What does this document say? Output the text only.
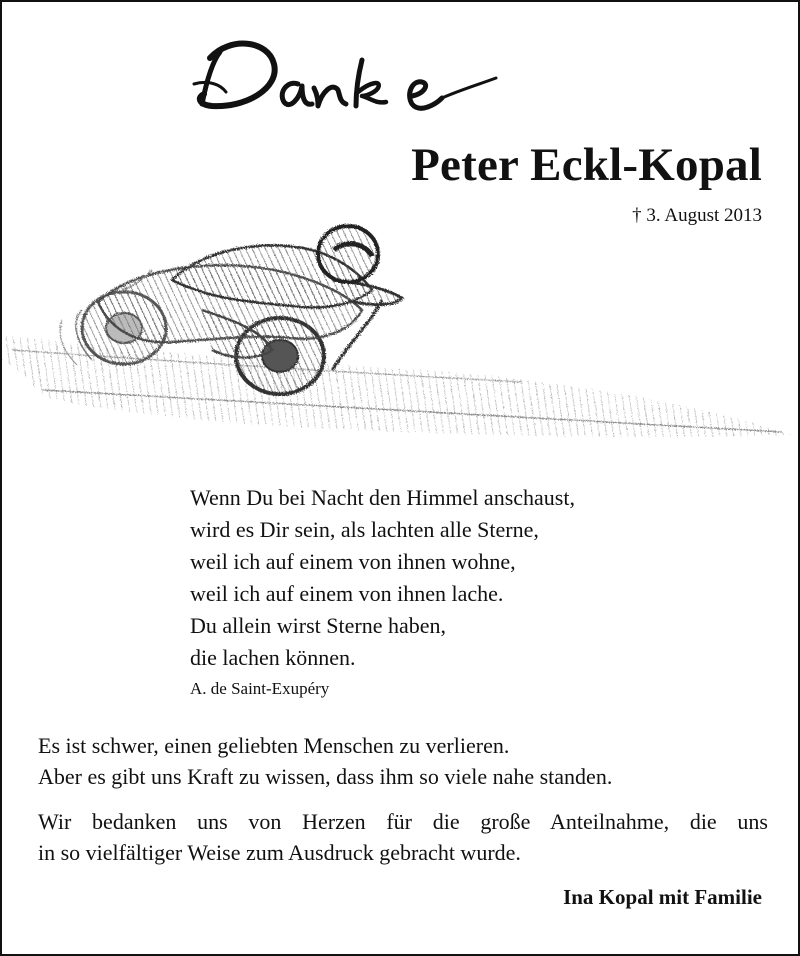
Peter Eckl-Kopal
† 3. August 2013
Wenn Du bei Nacht den Himmel anschaust,
wird es Dir sein, als lachten alle Sterne,
weil ich auf einem von ihnen wohne,
weil ich auf einem von ihnen lache.
Du allein wirst Sterne haben,
die lachen können.
A. de Saint-Exupéry
Es ist schwer, einen geliebten Menschen zu verlieren.
Aber es gibt uns Kraft zu wissen, dass ihm so viele nahe standen.
Wir bedanken uns von Herzen für die große Anteilnahme, die uns
in so vielfältiger Weise zum Ausdruck gebracht wurde.
Ina Kopal mit Familie
